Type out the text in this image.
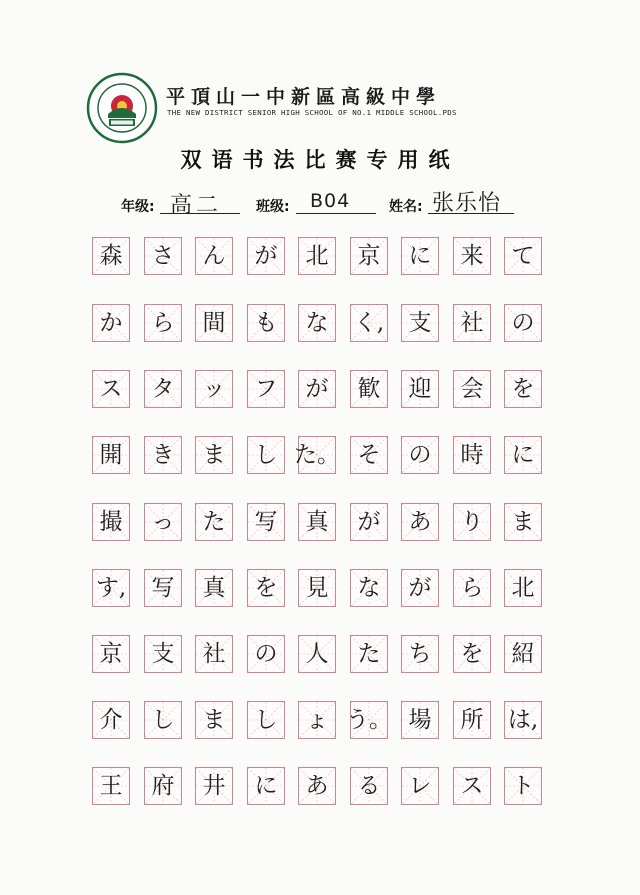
平頂山一中新區高級中學
THE NEW DISTRICT SENIOR HIGH SCHOOL OF NO.1 MIDDLE SCHOOL.PDS
双语书法比赛专用纸
年级: 高二 班级: B04	姓名: 张乐怡
森 さ ん が 北 京 に 来 て
か ら 間 も な く, 支 社 の
ス タ ッ フ が 歓 迎 会 を
開 き ま し た。 そ の 時 に
撮 っ た 写 真 が あ り ま
す, 写 真 を 見 な が ら 北
京 支 社 の 人 た ち を 紹
介 し ま し ょ う。 場 所 は,
王 府 井 に あ る レ ス ト
